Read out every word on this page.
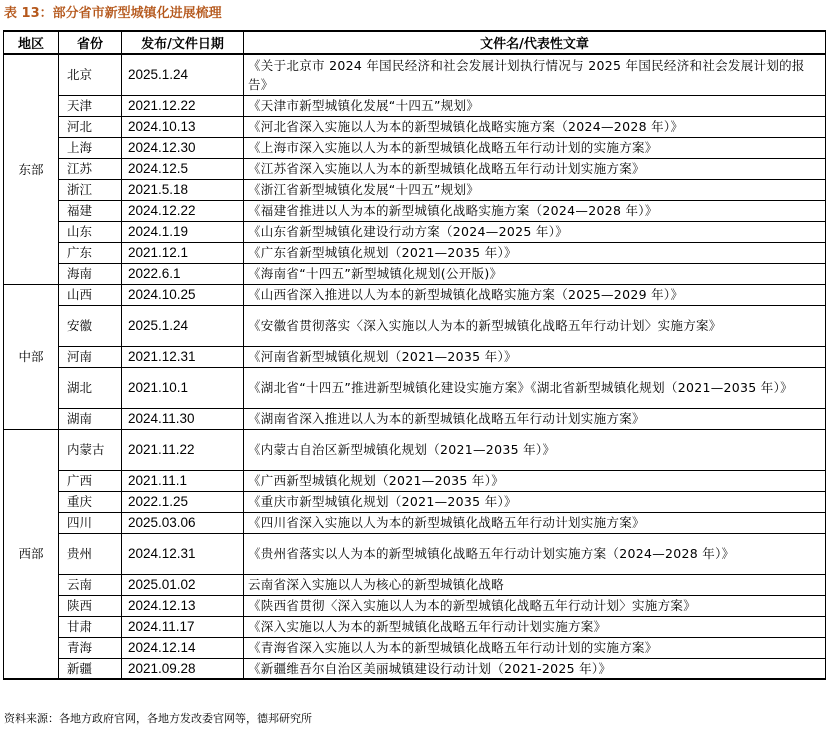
表 13：部分省市新型城镇化进展梳理
地区	省份	发布/文件日期	文件名/代表性文章
东部	北京	2025.1.24	《关于北京市 2024 年国民经济和社会发展计划执行情况与 2025 年国民经济和社会发展计划的报告》
	天津	2021.12.22	《天津市新型城镇化发展“十四五”规划》
	河北	2024.10.13	《河北省深入实施以人为本的新型城镇化战略实施方案（2024—2028 年）》
	上海	2024.12.30	《上海市深入实施以人为本的新型城镇化战略五年行动计划的实施方案》
	江苏	2024.12.5	《江苏省深入实施以人为本的新型城镇化战略五年行动计划实施方案》
	浙江	2021.5.18	《浙江省新型城镇化发展“十四五”规划》
	福建	2024.12.22	《福建省推进以人为本的新型城镇化战略实施方案（2024—2028 年）》
	山东	2024.1.19	《山东省新型城镇化建设行动方案（2024—2025 年）》
	广东	2021.12.1	《广东省新型城镇化规划（2021—2035 年）》
	海南	2022.6.1	《海南省“十四五”新型城镇化规划(公开版)》
中部	山西	2024.10.25	《山西省深入推进以人为本的新型城镇化战略实施方案（2025—2029 年）》
	安徽	2025.1.24	《安徽省贯彻落实〈深入实施以人为本的新型城镇化战略五年行动计划〉实施方案》
	河南	2021.12.31	《河南省新型城镇化规划（2021—2035 年）》
	湖北	2021.10.1	《湖北省“十四五”推进新型城镇化建设实施方案》《湖北省新型城镇化规划（2021—2035 年）》
	湖南	2024.11.30	《湖南省深入推进以人为本的新型城镇化战略五年行动计划实施方案》
西部	内蒙古	2021.11.22	《内蒙古自治区新型城镇化规划（2021—2035 年）》
	广西	2021.11.1	《广西新型城镇化规划（2021—2035 年）》
	重庆	2022.1.25	《重庆市新型城镇化规划（2021—2035 年）》
	四川	2025.03.06	《四川省深入实施以人为本的新型城镇化战略五年行动计划实施方案》
	贵州	2024.12.31	《贵州省落实以人为本的新型城镇化战略五年行动计划实施方案（2024—2028 年）》
	云南	2025.01.02	云南省深入实施以人为核心的新型城镇化战略
	陕西	2024.12.13	《陕西省贯彻〈深入实施以人为本的新型城镇化战略五年行动计划〉实施方案》
	甘肃	2024.11.17	《深入实施以人为本的新型城镇化战略五年行动计划实施方案》
	青海	2024.12.14	《青海省深入实施以人为本的新型城镇化战略五年行动计划的实施方案》
	新疆	2021.09.28	《新疆维吾尔自治区美丽城镇建设行动计划（2021-2025 年）》
资料来源：各地方政府官网，各地方发改委官网等，德邦研究所
